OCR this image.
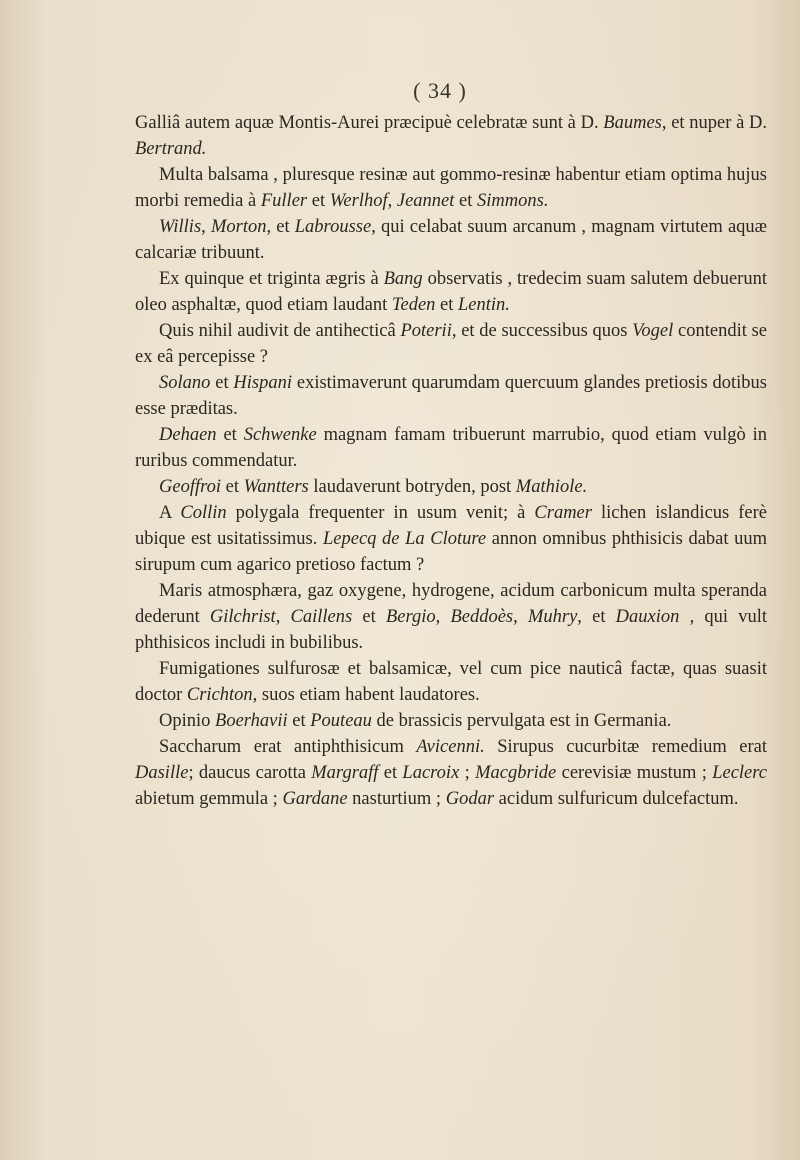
( 34 )

Galliâ autem aquæ Montis-Aurei præcipuè celebratæ sunt à D. Baumes, et nuper à D. Bertrand.

Multa balsama , pluresque resinæ aut gommo-resinæ habentur etiam optima hujus morbi remedia à Fuller et Werlhof, Jeannet et Simmons.

Willis, Morton, et Labrousse, qui celabat suum arcanum , magnam virtutem aquæ calcariæ tribuunt.

Ex quinque et triginta ægris à Bang observatis , tredecim suam salutem debuerunt oleo asphaltæ, quod etiam laudant Teden et Lentin.

Quis nihil audivit de antihecticâ Poterii, et de successibus quos Vogel contendit se ex eâ percepisse ?

Solano et Hispani existimaverunt quarumdam quercuum glandes pretiosis dotibus esse præditas.

Dehaen et Schwenke magnam famam tribuerunt marrubio, quod etiam vulgò in ruribus commendatur.

Geoffroi et Wantters laudaverunt botryden, post Mathiole.

A Collin polygala frequenter in usum venit; à Cramer lichen islandicus ferè ubique est usitatissimus. Lepecq de La Cloture annon omnibus phthisicis dabat uum sirupum cum agarico pretioso factum ?

Maris atmosphæra, gaz oxygene, hydrogene, acidum carbonicum multa speranda dederunt Gilchrist, Caillens et Bergio, Beddoès, Muhry, et Dauxion , qui vult phthisicos includi in bubilibus.

Fumigationes sulfurosæ et balsamicæ, vel cum pice nauticâ factæ, quas suasit doctor Crichton, suos etiam habent laudatores.

Opinio Boerhavii et Pouteau de brassicis pervulgata est in Germania.

Saccharum erat antiphthisicum Avicenni. Sirupus cucurbitæ remedium erat Dasille; daucus carotta Margraff et Lacroix ; Macgbride cerevisiæ mustum ; Leclerc abietum gemmula ; Gardane nasturtium ; Godar acidum sulfuricum dulcefactum.
